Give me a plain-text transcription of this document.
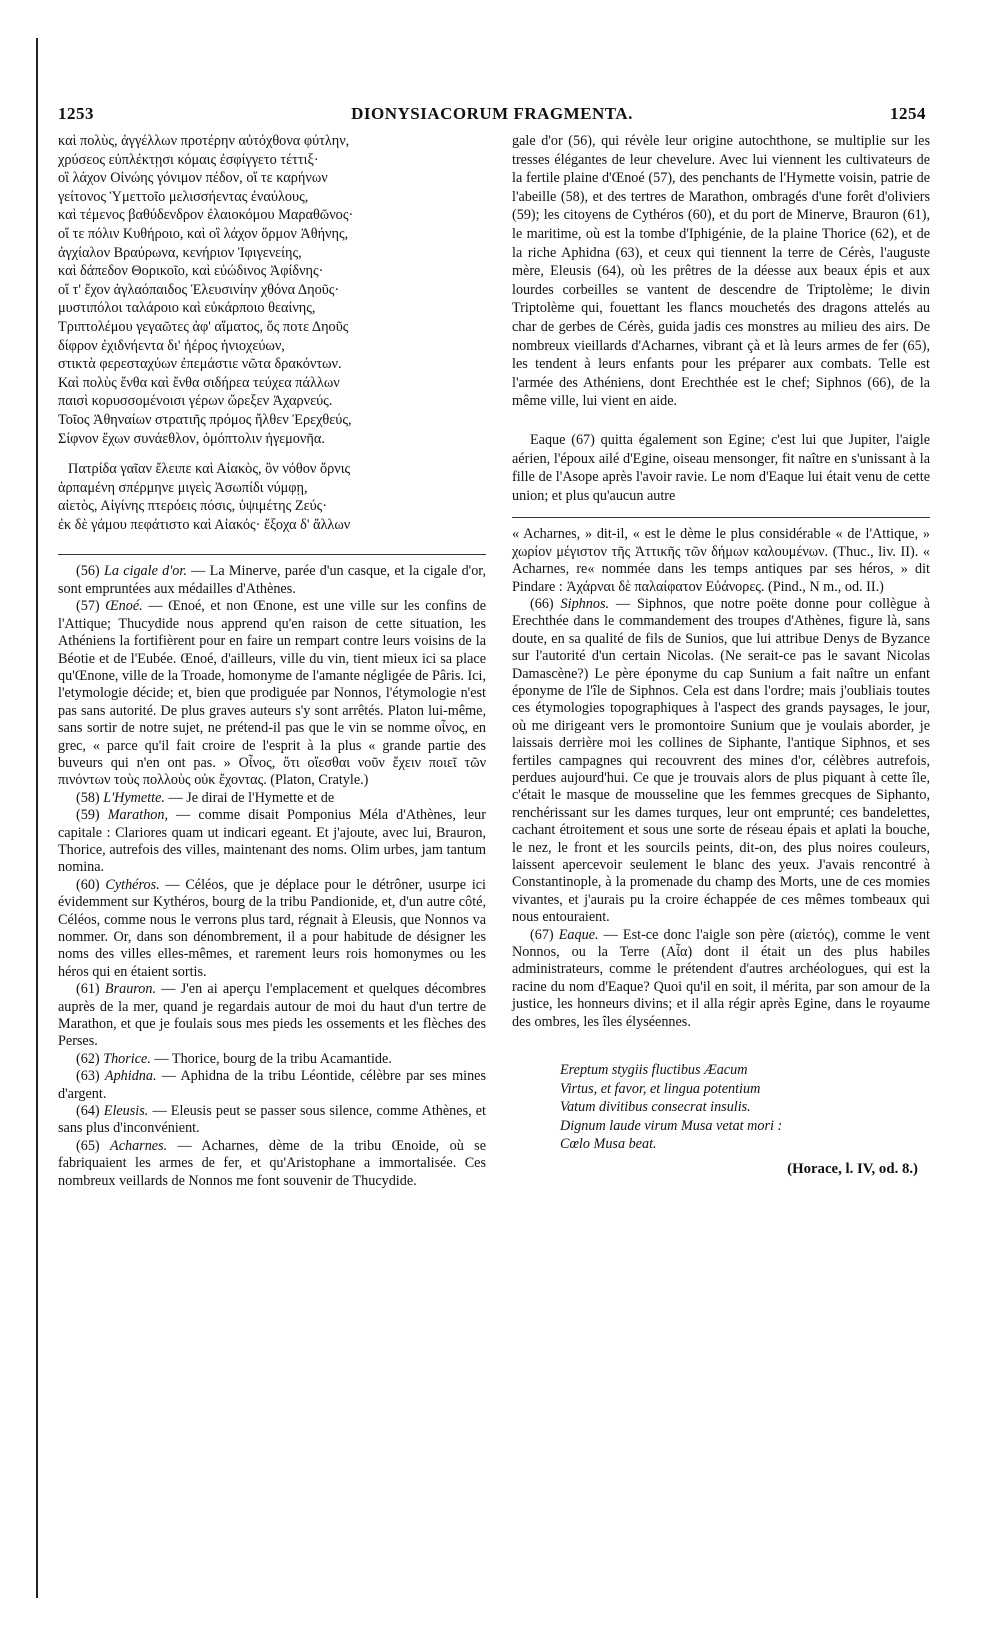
1253	DIONYSIACORUM FRAGMENTA.	1254

καὶ πολὺς, ἀγγέλλων προτέρην αὐτόχθονα φύτλην,

χρύσεος εὐπλέκτῃσι κόμαις ἐσφίγγετο τέττιξ·

οἳ λάχον Οἰνώης γόνιμον πέδον, οἵ τε καρήνων

γείτονος Ὑμεττοῖο μελισσήεντας ἐναύλους,

καὶ τέμενος βαθύδενδρον ἐλαιοκόμου Μαραθῶνος·

οἵ τε πόλιν Κυθήροιο, καὶ οἳ λάχον ὅρμον Ἀθήνης,

ἀγχίαλον Βραύρωνα, κενήριον Ἰφιγενείης,

καὶ δάπεδον Θορικοῖο, καὶ εὐώδινος Ἀφίδνης·

οἵ τ' ἔχον ἀγλαόπαιδος Ἐλευσινίην χθόνα Δηοῦς·

μυστιπόλοι ταλάροιο καὶ εὐκάρποιο θεαίνης,

Τριπτολέμου γεγαῶτες ἀφ' αἵματος, ὅς ποτε Δηοῦς

δίφρον ἐχιδνήεντα δι' ἠέρος ἡνιοχεύων,

στικτὰ φερεσταχύων ἐπεμάστιε νῶτα δρακόντων.

Καὶ πολὺς ἔνθα καὶ ἔνθα σιδήρεα τεύχεα πάλλων

παισὶ κορυσσομένοισι γέρων ὤρεξεν Ἀχαρνεύς.

Τοῖος Ἀθηναίων στρατιῆς πρόμος ἤλθεν Ἐρεχθεύς,

Σίφνον ἔχων συνάεθλον, ὁμόπτολιν ἡγεμονῆα.

Πατρίδα γαῖαν ἔλειπε καὶ Αἰακὸς, ὃν νόθον ὄρνις

ἁρπαμένη σπέρμηνε μιγεὶς Ἀσωπίδι νύμφῃ,

αἰετὸς, Αἰγίνης πτερόεις πόσις, ὑψιμέτης Ζεύς·

ἐκ δὲ γάμου πεφάτιστο καὶ Αἰακός· ἔξοχα δ' ἄλλων

(56) La cigale d'or. — La Minerve, parée d'un casque, et la cigale d'or, sont empruntées aux médailles d'Athènes.

(57) Œnoé. — Œnoé, et non Œnone, est une ville sur les confins de l'Attique; Thucydide nous apprend qu'en raison de cette situation, les Athéniens la fortifièrent pour en faire un rempart contre leurs voisins de la Béotie et de l'Eubée. Œnoé, d'ailleurs, ville du vin, tient mieux ici sa place qu'Œnone, ville de la Troade, homonyme de l'amante négligée de Pâris. Ici, l'etymologie décide; et, bien que prodiguée par Nonnos, l'étymologie n'est pas sans autorité. De plus graves auteurs s'y sont arrêtés. Platon lui-même, sans sortir de notre sujet, ne prétend-il pas que le vin se nomme οἶνος, en grec, « parce qu'il fait croire de l'esprit à la plus « grande partie des buveurs qui n'en ont pas. » Οἶνος, ὅτι οἴεσθαι νοῦν ἔχειν ποιεῖ τῶν πινόντων τοὺς πολλοὺς οὐκ ἔχοντας. (Platon, Cratyle.)

(58) L'Hymette. — Je dirai de l'Hymette et de

(59) Marathon, — comme disait Pomponius Méla d'Athènes, leur capitale : Clariores quam ut indicari egeant. Et j'ajoute, avec lui, Brauron, Thorice, autrefois des villes, maintenant des noms. Olim urbes, jam tantum nomina.

(60) Cythéros. — Céléos, que je déplace pour le détrôner, usurpe ici évidemment sur Kythéros, bourg de la tribu Pandionide, et, d'un autre côté, Céléos, comme nous le verrons plus tard, régnait à Eleusis, que Nonnos va nommer. Or, dans son dénombrement, il a pour habitude de désigner les noms des villes elles-mêmes, et rarement leurs rois homonymes ou les héros qui en étaient sortis.

(61) Brauron. — J'en ai aperçu l'emplacement et quelques décombres auprès de la mer, quand je regardais autour de moi du haut d'un tertre de Marathon, et que je foulais sous mes pieds les ossements et les flèches des Perses.

(62) Thorice. — Thorice, bourg de la tribu Acamantide.

(63) Aphidna. — Aphidna de la tribu Léontide, célèbre par ses mines d'argent.

(64) Eleusis. — Eleusis peut se passer sous silence, comme Athènes, et sans plus d'inconvénient.

(65) Acharnes. — Acharnes, dème de la tribu Œnoide, où se fabriquaient les armes de fer, et qu'Aristophane a immortalisée. Ces nombreux veillards de Nonnos me font souvenir de Thucydide.

gale d'or (56), qui révèle leur origine autochthone, se multiplie sur les tresses élégantes de leur chevelure. Avec lui viennent les cultivateurs de la fertile plaine d'Œnoé (57), des penchants de l'Hymette voisin, patrie de l'abeille (58), et des tertres de Marathon, ombragés d'une forêt d'oliviers (59); les citoyens de Cythéros (60), et du port de Minerve, Brauron (61), le maritime, où est la tombe d'Iphigénie, de la plaine Thorice (62), et de la riche Aphidna (63), et ceux qui tiennent la terre de Cérès, l'auguste mère, Eleusis (64), où les prêtres de la déesse aux beaux épis et aux lourdes corbeilles se vantent de descendre de Triptolème; le divin Triptolème qui, fouettant les flancs mouchetés des dragons attelés au char de gerbes de Cérès, guida jadis ces monstres au milieu des airs. De nombreux vieillards d'Acharnes, vibrant çà et là leurs armes de fer (65), les tendent à leurs enfants pour les préparer aux combats. Telle est l'armée des Athéniens, dont Erechthée est le chef; Siphnos (66), de la même ville, lui vient en aide.

Eaque (67) quitta également son Egine; c'est lui que Jupiter, l'aigle aérien, l'époux ailé d'Egine, oiseau mensonger, fit naître en s'unissant à la fille de l'Asope après l'avoir ravie. Le nom d'Eaque lui était venu de cette union; et plus qu'aucun autre

« Acharnes, » dit-il, « est le dème le plus considérable « de l'Attique, » χωρίον μέγιστον τῆς Ἀττικῆς τῶν δήμων καλουμένων. (Thuc., liv. II). « Acharnes, re« nommée dans les temps antiques par ses héros, » dit Pindare : Ἀχάρναι δὲ παλαίφατον Εὐάνορες. (Pind., N m., od. II.)

(66) Siphnos. — Siphnos, que notre poëte donne pour collègue à Erechthée dans le commandement des troupes d'Athènes, figure là, sans doute, en sa qualité de fils de Sunios, que lui attribue Denys de Byzance sur l'autorité d'un certain Nicolas. (Ne serait-ce pas le savant Nicolas Damascène?) Le père éponyme du cap Sunium a fait naître un enfant éponyme de l'île de Siphnos. Cela est dans l'ordre; mais j'oubliais toutes ces étymologies topographiques à l'aspect des grands paysages, le jour, où me dirigeant vers le promontoire Sunium que je voulais aborder, je laissais derrière moi les collines de Siphante, l'antique Siphnos, et ses fertiles campagnes qui recouvrent des mines d'or, célèbres autrefois, perdues aujourd'hui. Ce que je trouvais alors de plus piquant à cette île, c'était le masque de mousseline que les femmes grecques de Siphanto, renchérissant sur les dames turques, leur ont emprunté; ces bandelettes, cachant étroitement et sous une sorte de réseau épais et aplati la bouche, le nez, le front et les sourcils peints, dit-on, des plus noires couleurs, laissent apercevoir seulement le blanc des yeux. J'avais rencontré à Constantinople, à la promenade du champ des Morts, une de ces momies vivantes, et j'aurais pu la croire échappée de ces mêmes tombeaux qui nous entouraient.

(67) Eaque. — Est-ce donc l'aigle son père (αἰετός), comme le vent Nonnos, ou la Terre (Αἶα) dont il était un des plus habiles administrateurs, comme le prétendent d'autres archéologues, qui est la racine du nom d'Eaque? Quoi qu'il en soit, il mérita, par son amour de la justice, les honneurs divins; et il alla régir après Egine, dans le royaume des ombres, les îles élyséennes.

Ereptum stygiis fluctibus Æacum

Virtus, et favor, et lingua potentium

Vatum divitibus consecrat insulis.

Dignum laude virum Musa vetat mori :

Cœlo Musa beat.

(Horace, l. IV, od. 8.)
